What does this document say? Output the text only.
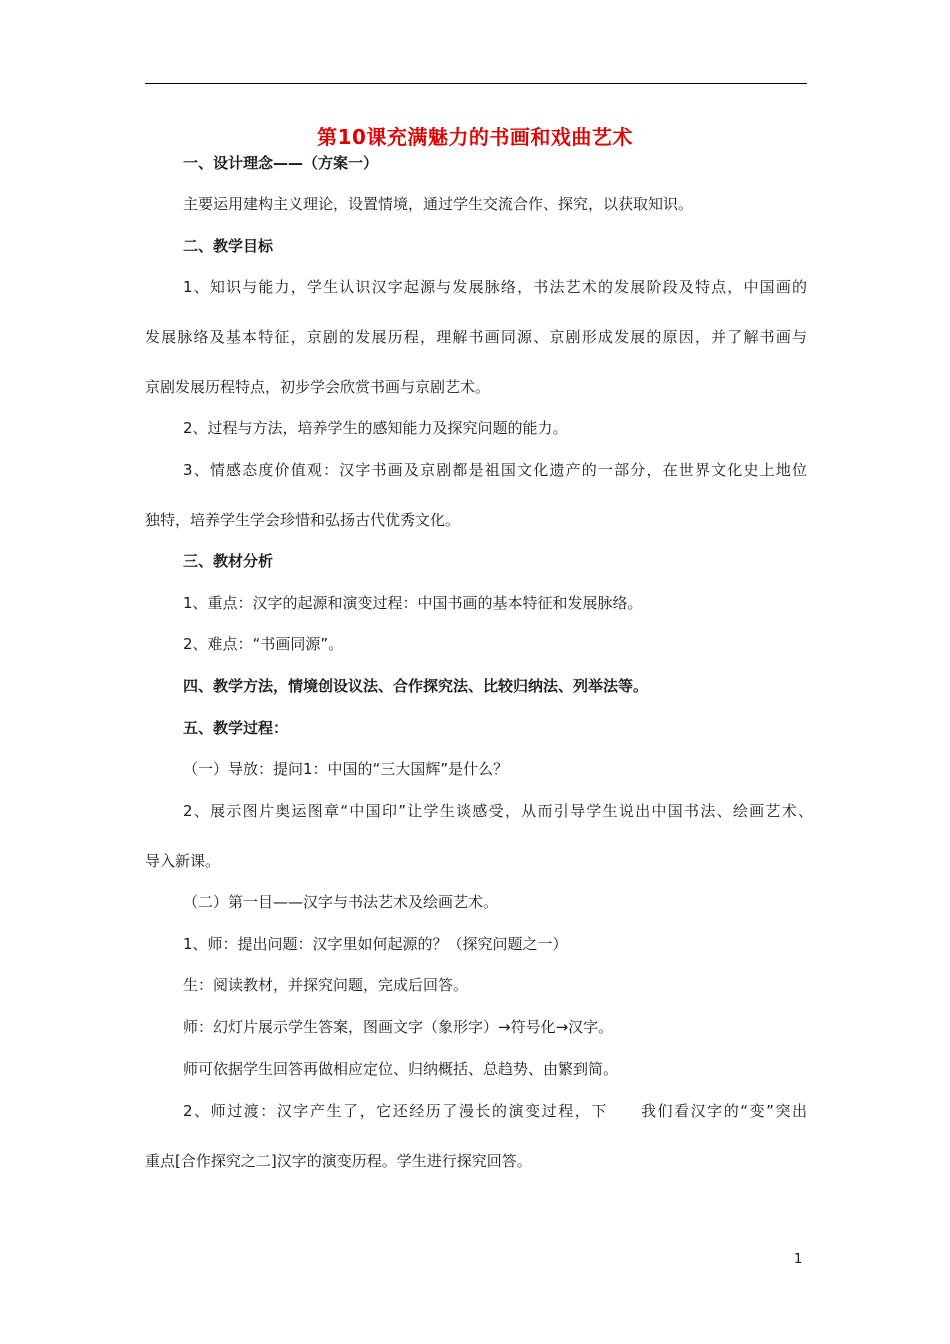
第10课充满魅力的书画和戏曲艺术
一、设计理念——（方案一）
主要运用建构主义理论，设置情境，通过学生交流合作、探究，以获取知识。
二、教学目标
1、知识与能力，学生认识汉字起源与发展脉络，书法艺术的发展阶段及特点，中国画的
发展脉络及基本特征，京剧的发展历程，理解书画同源、京剧形成发展的原因，并了解书画与
京剧发展历程特点，初步学会欣赏书画与京剧艺术。
2、过程与方法，培养学生的感知能力及探究问题的能力。
3、情感态度价值观：汉字书画及京剧都是祖国文化遗产的一部分，在世界文化史上地位
独特，培养学生学会珍惜和弘扬古代优秀文化。
三、教材分析
1、重点：汉字的起源和演变过程：中国书画的基本特征和发展脉络。
2、难点：“书画同源”。
四、教学方法，情境创设议法、合作探究法、比较归纳法、列举法等。
五、教学过程：
（一）导放：提问1：中国的“三大国辉”是什么？
2、展示图片奥运图章“中国印”让学生谈感受，从而引导学生说出中国书法、绘画艺术、
导入新课。
（二）第一目——汉字与书法艺术及绘画艺术。
1、师：提出问题：汉字里如何起源的？（探究问题之一）
生：阅读教材，并探究问题，完成后回答。
师：幻灯片展示学生答案，图画文字（象形字）→符号化→汉字。
师可依据学生回答再做相应定位、归纳概括、总趋势、由繁到简。
2、师过渡：汉字产生了，它还经历了漫长的演变过程，下　　我们看汉字的“变”突出
重点[合作探究之二]汉字的演变历程。学生进行探究回答。
1
